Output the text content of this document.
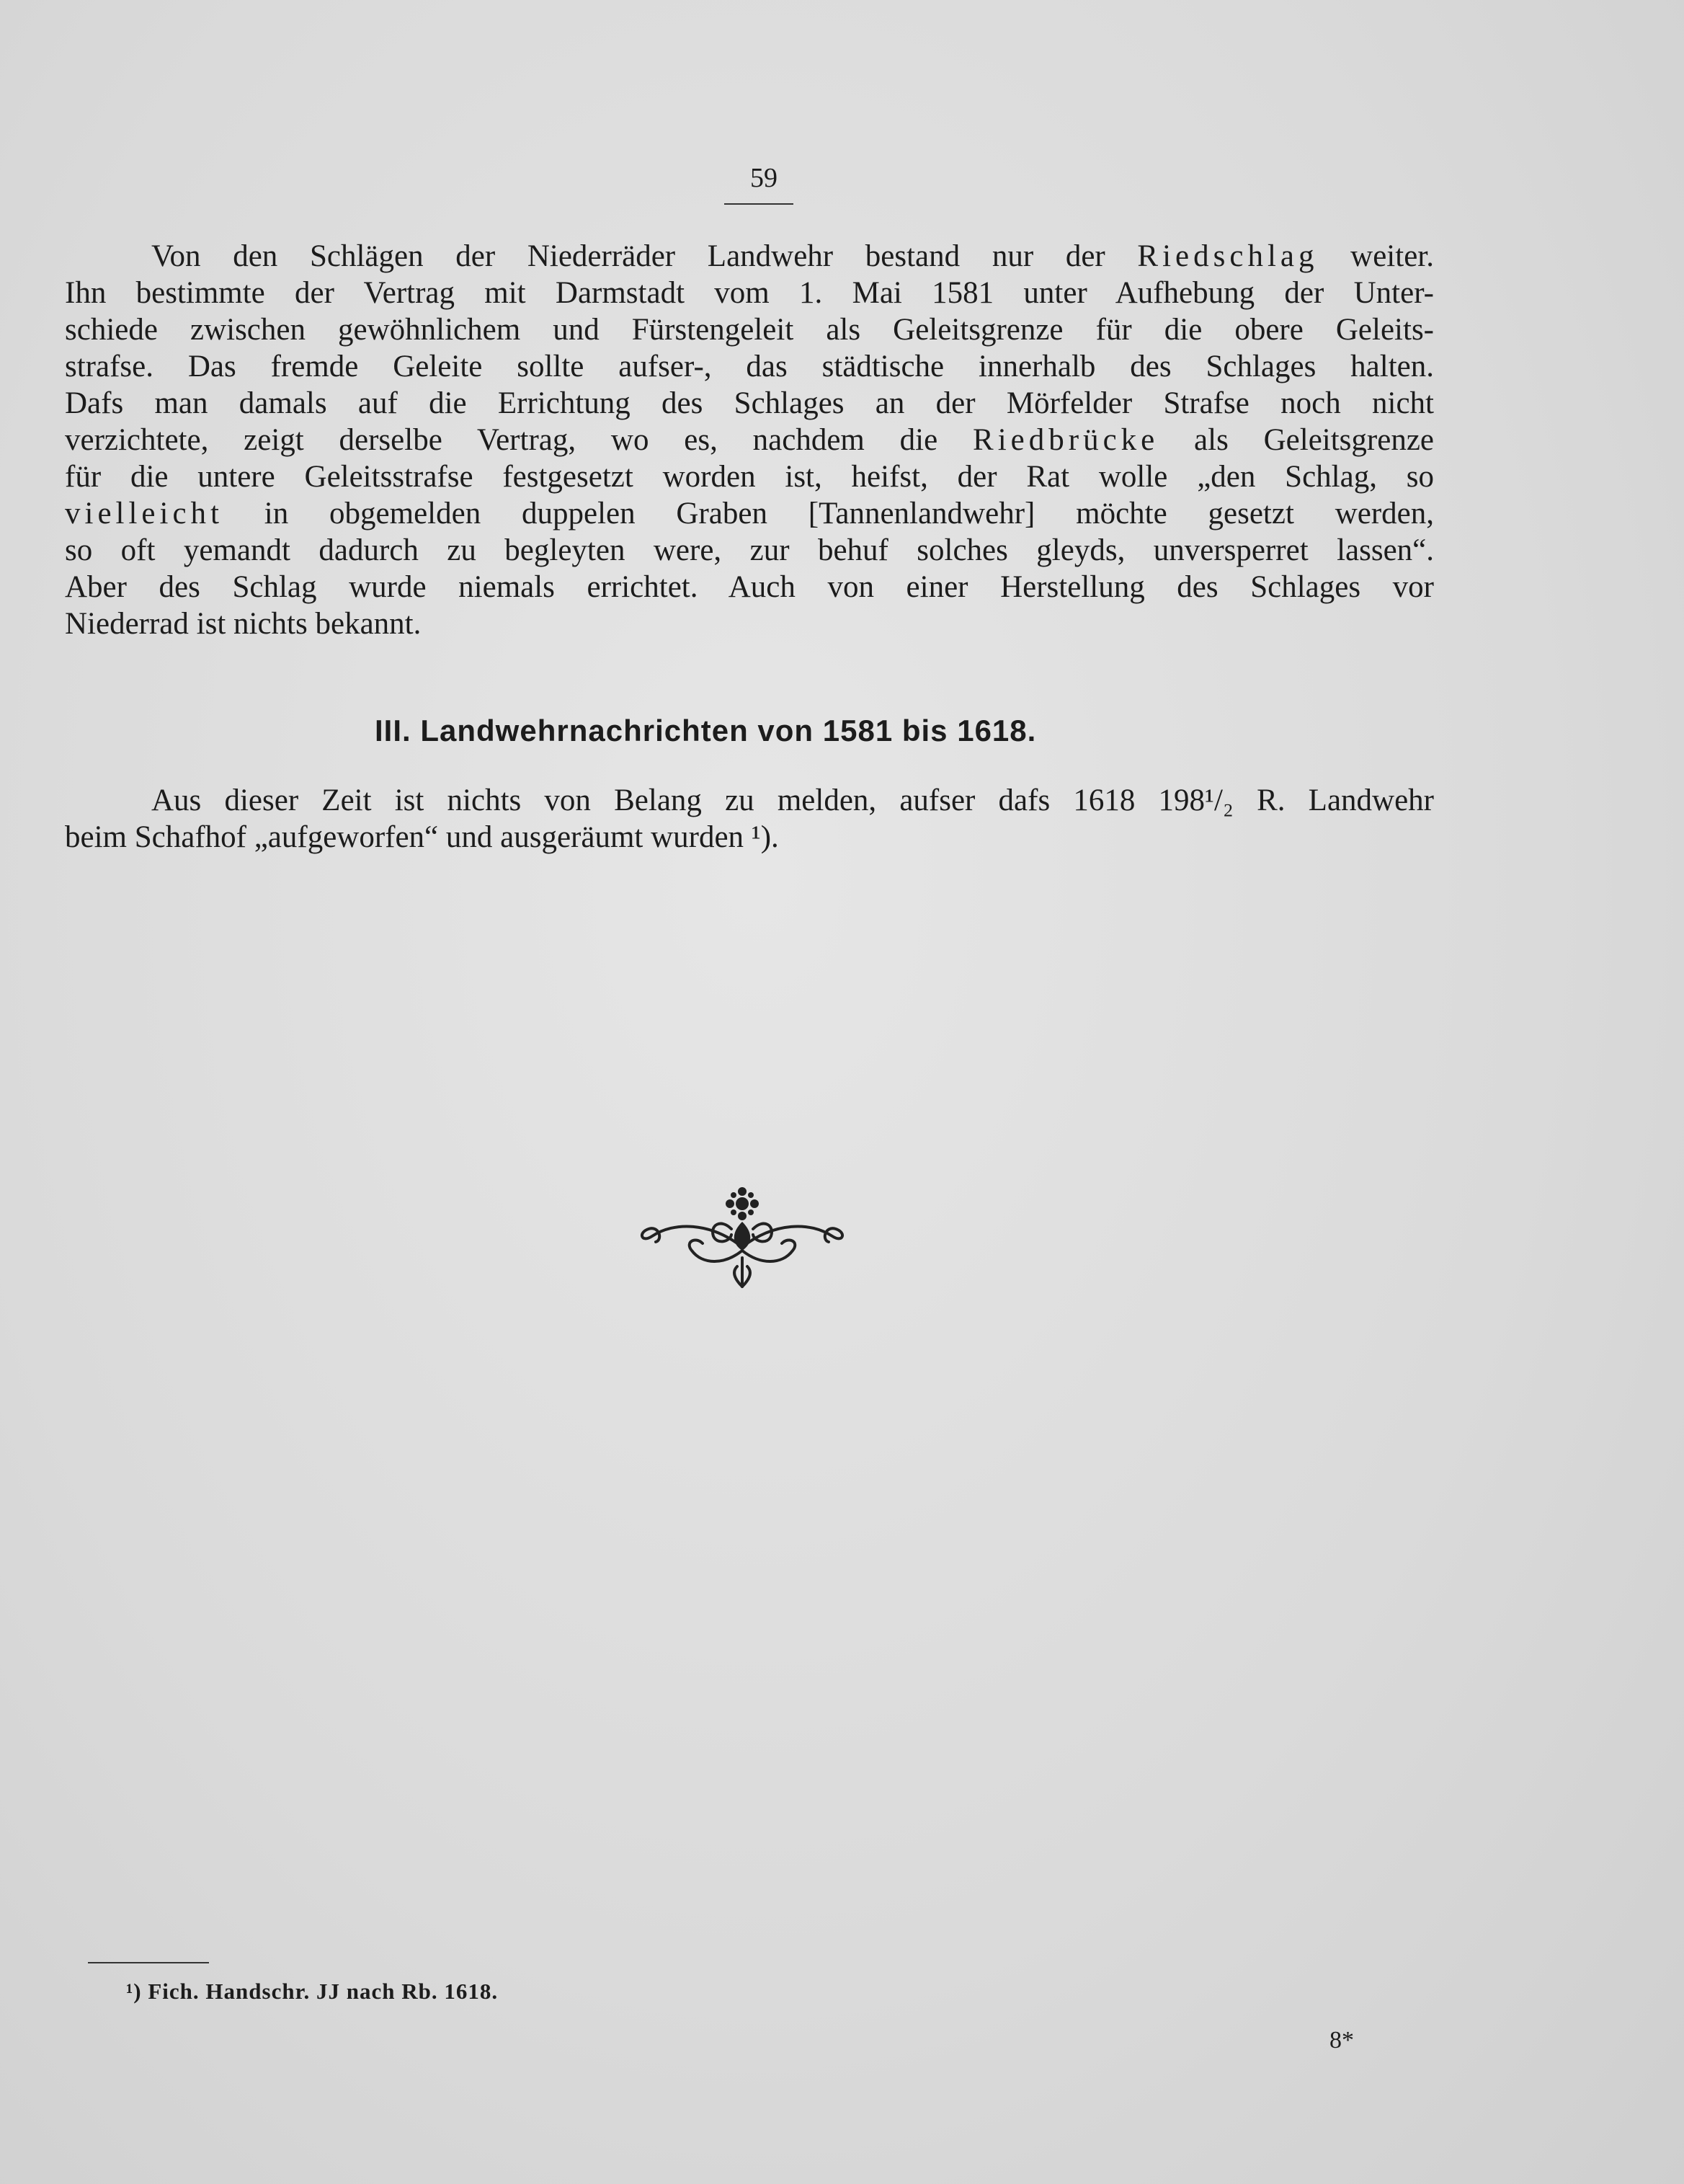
59
Von den Schlägen der Niederräder Landwehr bestand nur der Riedschlag weiter.
Ihn bestimmte der Vertrag mit Darmstadt vom 1. Mai 1581 unter Aufhebung der Unter-
schiede zwischen gewöhnlichem und Fürstengeleit als Geleitsgrenze für die obere Geleits-
strafse. Das fremde Geleite sollte aufser-, das städtische innerhalb des Schlages halten.
Dafs man damals auf die Errichtung des Schlages an der Mörfelder Strafse noch nicht
verzichtete, zeigt derselbe Vertrag, wo es, nachdem die Riedbrücke als Geleitsgrenze
für die untere Geleitsstrafse festgesetzt worden ist, heifst, der Rat wolle „den Schlag, so
vielleicht in obgemelden duppelen Graben [Tannenlandwehr] möchte gesetzt werden,
so oft yemandt dadurch zu begleyten were, zur behuf solches gleyds, unversperret lassen“.
Aber des Schlag wurde niemals errichtet. Auch von einer Herstellung des Schlages vor
Niederrad ist nichts bekannt.
III. Landwehrnachrichten von 1581 bis 1618.
Aus dieser Zeit ist nichts von Belang zu melden, aufser dafs 1618 198¹/₂ R. Landwehr
beim Schafhof „aufgeworfen“ und ausgeräumt wurden ¹).
¹) Fich. Handschr. JJ nach Rb. 1618.
8*
